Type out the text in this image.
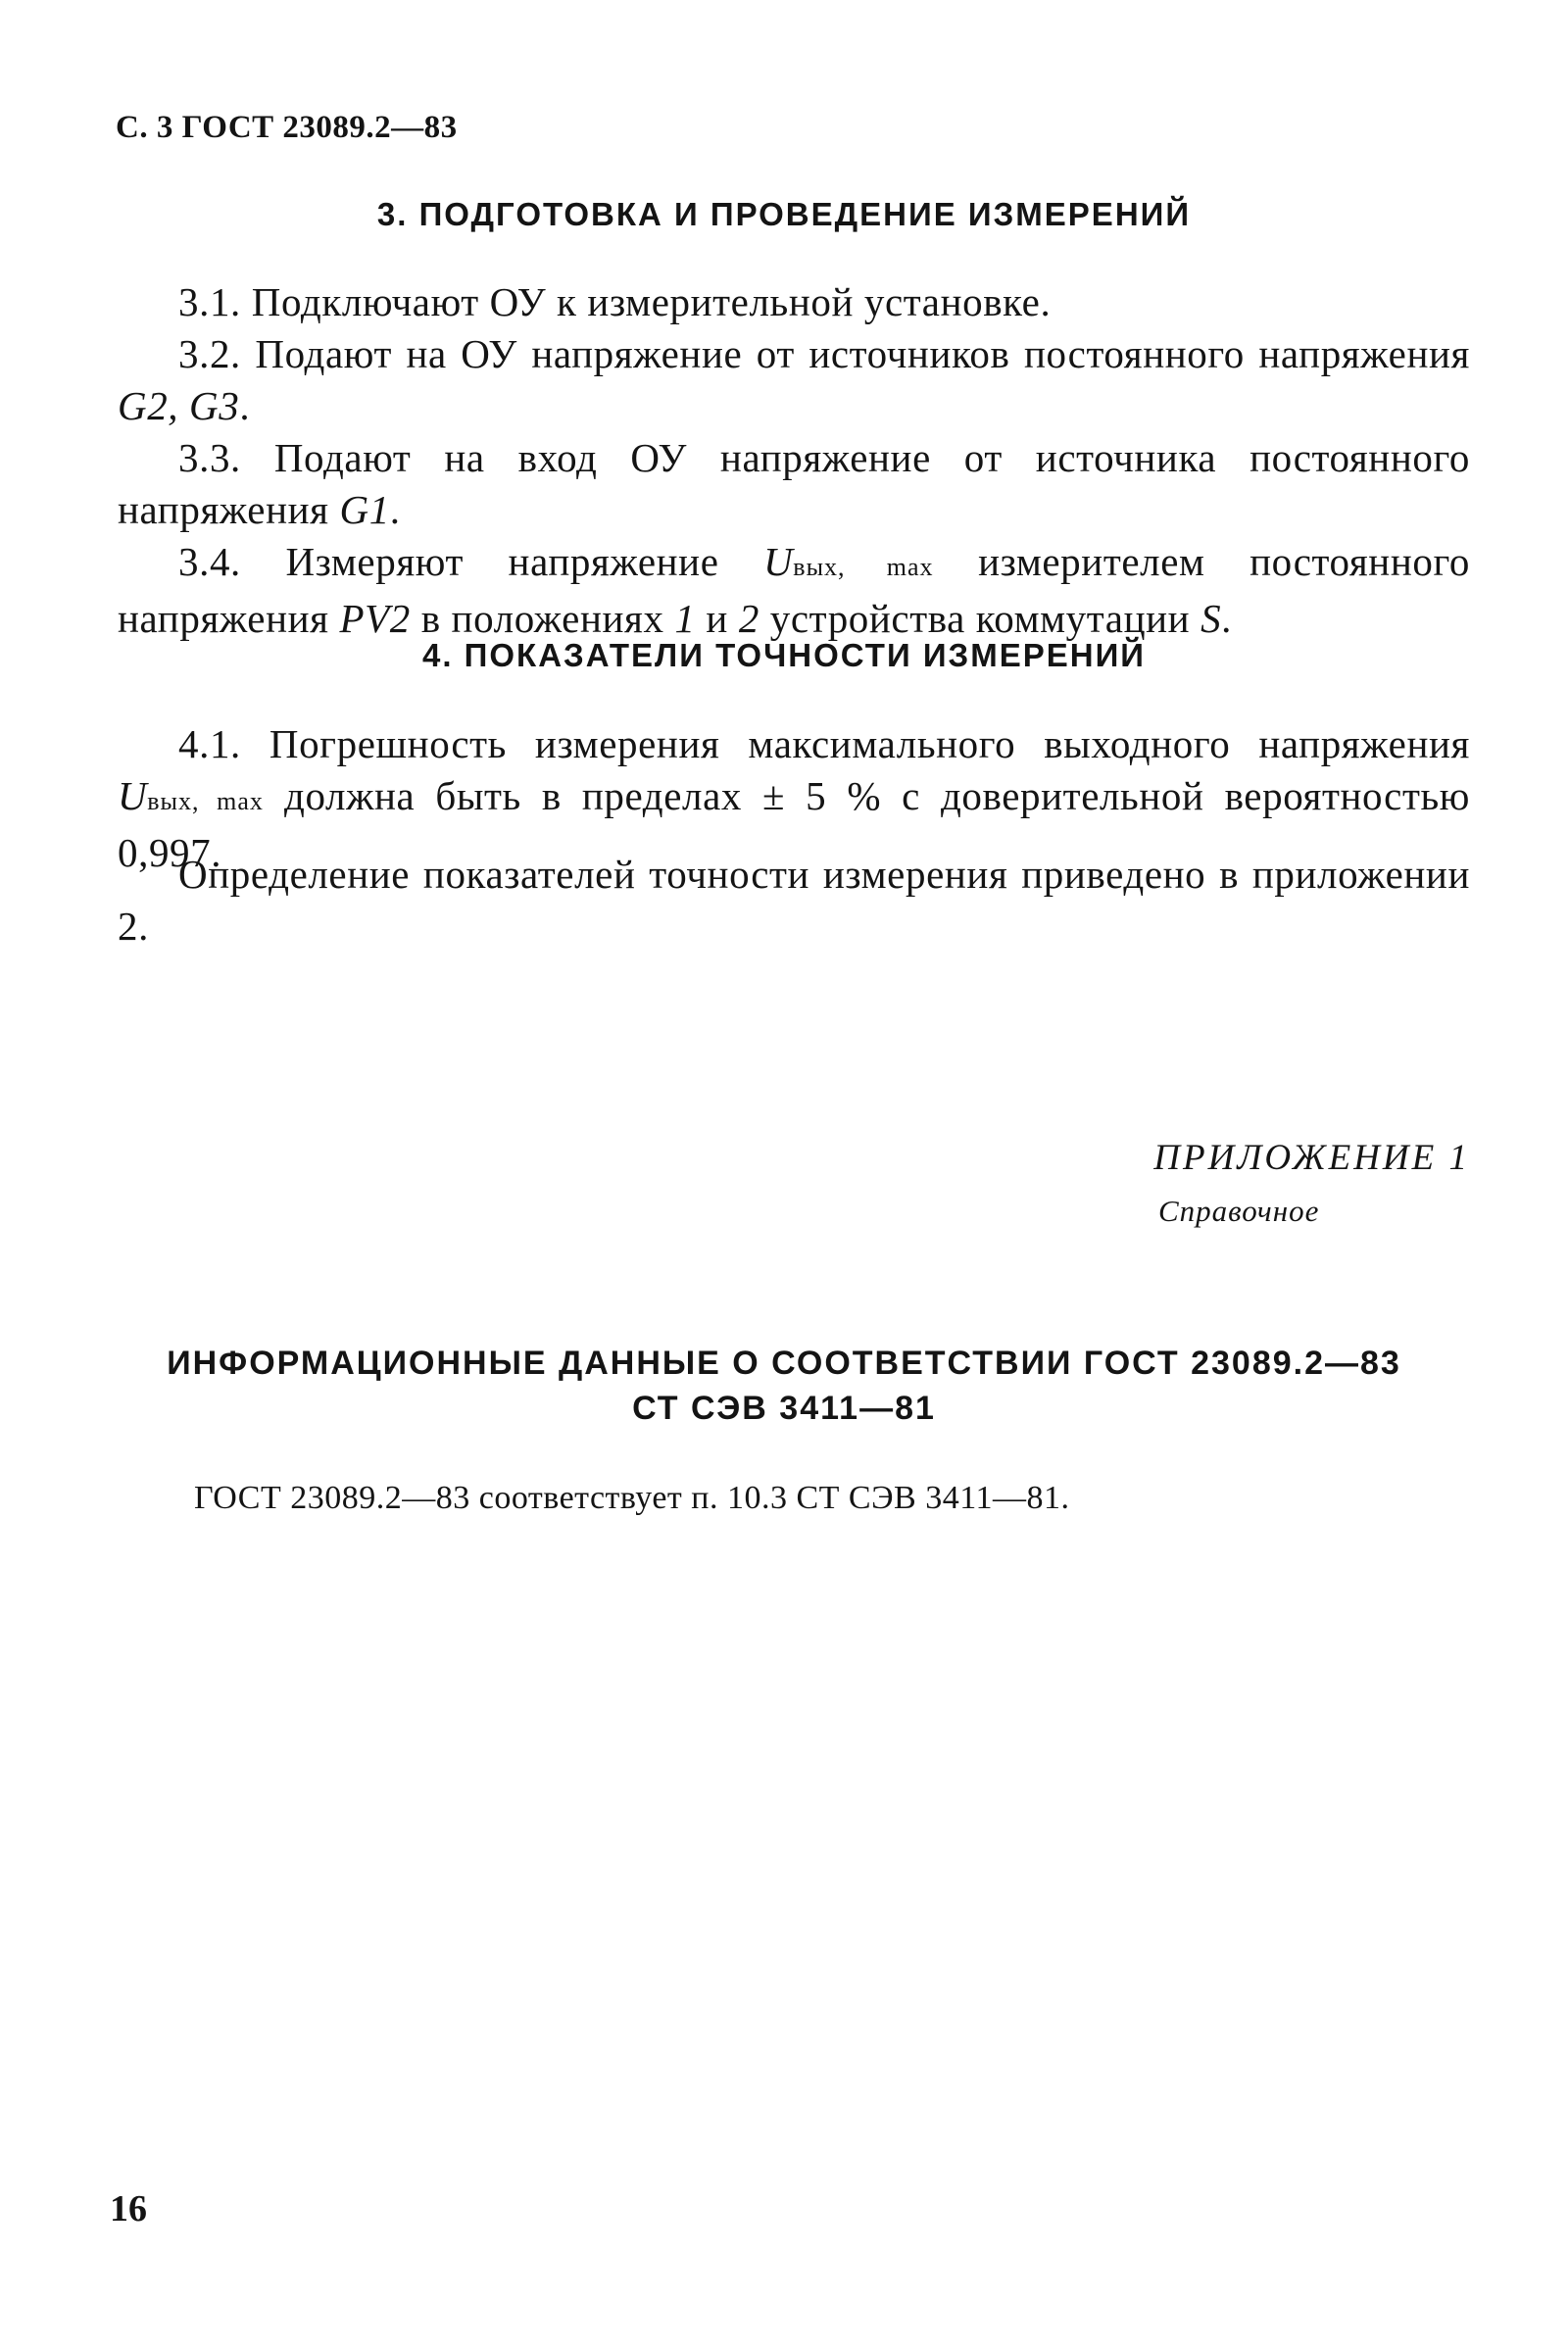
С. 3 ГОСТ 23089.2—83
3. ПОДГОТОВКА И ПРОВЕДЕНИЕ ИЗМЕРЕНИЙ
3.1. Подключают ОУ к измерительной установке.
3.2. Подают на ОУ напряжение от источников постоянного напряжения G2, G3.
3.3. Подают на вход ОУ напряжение от источника постоянного напряжения G1.
3.4. Измеряют напряжение Uвых, max измерителем постоянного напряжения PV2 в положениях 1 и 2 устройства коммутации S.
4. ПОКАЗАТЕЛИ ТОЧНОСТИ ИЗМЕРЕНИЙ
4.1. Погрешность измерения максимального выходного напряжения Uвых, max должна быть в пределах ± 5 % с доверительной вероятностью 0,997.
Определение показателей точности измерения приведено в приложении 2.
ПРИЛОЖЕНИЕ 1
Справочное
ИНФОРМАЦИОННЫЕ ДАННЫЕ О СООТВЕТСТВИИ ГОСТ 23089.2—83
СТ СЭВ 3411—81
ГОСТ 23089.2—83 соответствует п. 10.3 СТ СЭВ 3411—81.
16
